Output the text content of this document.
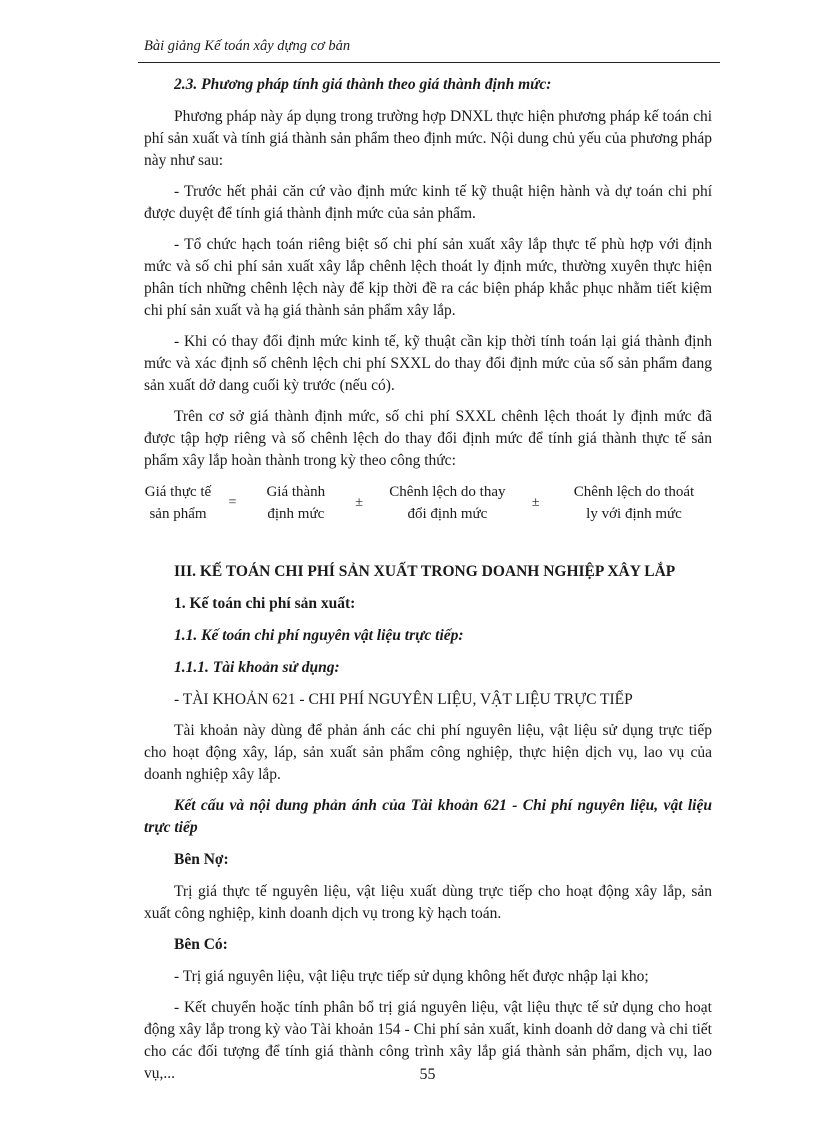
Bài giảng Kế toán xây dựng cơ bản

2.3. Phương pháp tính giá thành theo giá thành định mức:

Phương pháp này áp dụng trong trường hợp DNXL thực hiện phương pháp kế toán chi phí sản xuất và tính giá thành sản phẩm theo định mức. Nội dung chủ yếu của phương pháp này như sau:

- Trước hết phải căn cứ vào định mức kinh tế kỹ thuật hiện hành và dự toán chi phí được duyệt để tính giá thành định mức của sản phẩm.

- Tổ chức hạch toán riêng biệt số chi phí sản xuất xây lắp thực tế phù hợp với định mức và số chi phí sản xuất xây lắp chênh lệch thoát ly định mức, thường xuyên thực hiện phân tích những chênh lệch này để kịp thời đề ra các biện pháp khắc phục nhằm tiết kiệm chi phí sản xuất và hạ giá thành sản phẩm xây lắp.

- Khi có thay đổi định mức kinh tế, kỹ thuật cần kịp thời tính toán lại giá thành định mức và xác định số chênh lệch chi phí SXXL do thay đổi định mức của số sản phẩm đang sản xuất dở dang cuối kỳ trước (nếu có).

Trên cơ sở giá thành định mức, số chi phí SXXL chênh lệch thoát ly định mức đã được tập hợp riêng và số chênh lệch do thay đổi định mức để tính giá thành thực tế sản phẩm xây lắp hoàn thành trong kỳ theo công thức:

Giá thực tế
sản phẩm
=
Giá thành
định mức
±
Chênh lệch do thay
đổi định mức
±
Chênh lệch do thoát
ly với định mức

III. KẾ TOÁN CHI PHÍ SẢN XUẤT TRONG DOANH NGHIỆP XÂY LẮP

1. Kế toán chi phí sản xuất:

1.1. Kế toán chi phí nguyên vật liệu trực tiếp:

1.1.1. Tài khoản sử dụng:

- TÀI KHOẢN 621 - CHI PHÍ NGUYÊN LIỆU, VẬT LIỆU TRỰC TIẾP

Tài khoản này dùng để phản ánh các chi phí nguyên liệu, vật liệu sử dụng trực tiếp cho hoạt động xây, láp, sản xuất sản phẩm công nghiệp, thực hiện dịch vụ, lao vụ của doanh nghiệp xây lắp.

Kết cấu và nội dung phản ánh của Tài khoản 621 - Chi phí nguyên liệu, vật liệu trực tiếp

Bên Nợ:

Trị giá thực tế nguyên liệu, vật liệu xuất dùng trực tiếp cho hoạt động xây lắp, sản xuất công nghiệp, kinh doanh dịch vụ trong kỳ hạch toán.

Bên Có:

- Trị giá nguyên liệu, vật liệu trực tiếp sử dụng không hết được nhập lại kho;

- Kết chuyển hoặc tính phân bổ trị giá nguyên liệu, vật liệu thực tế sử dụng cho hoạt động xây lắp trong kỳ vào Tài khoản 154 - Chi phí sản xuất, kinh doanh dở dang và chi tiết cho các đối tượng để tính giá thành công trình xây lắp giá thành sản phẩm, dịch vụ, lao vụ,...	55
